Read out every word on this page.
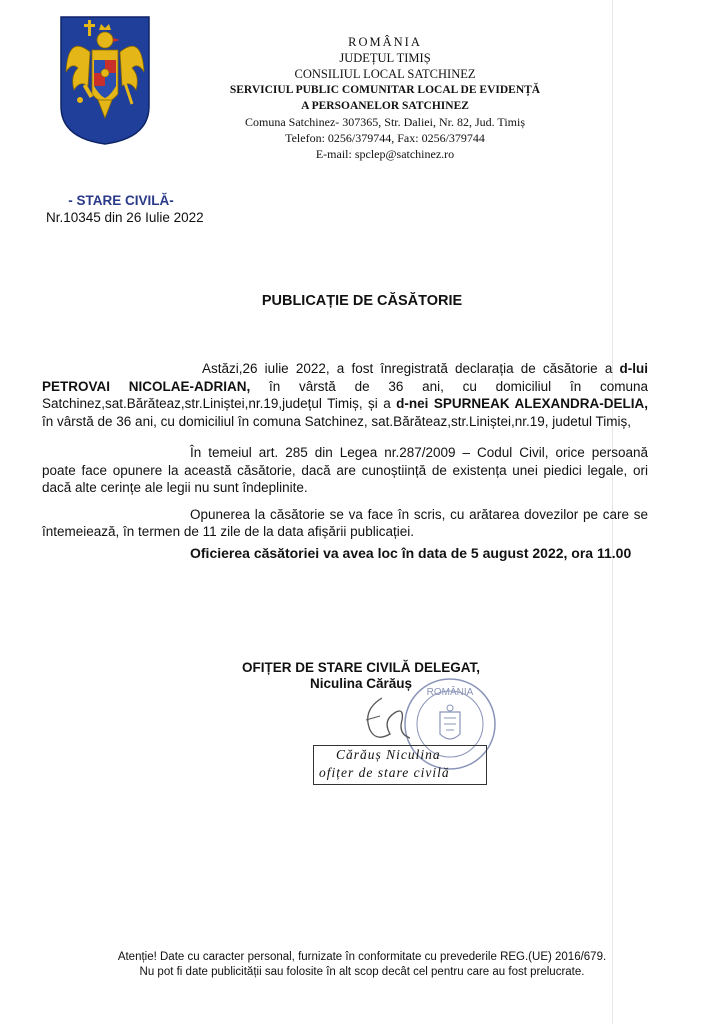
ROMÂNIA
JUDEȚUL TIMIȘ
CONSILIUL LOCAL SATCHINEZ
SERVICIUL PUBLIC COMUNITAR LOCAL DE EVIDENȚĂ
A PERSOANELOR SATCHINEZ
Comuna Satchinez- 307365, Str. Daliei, Nr. 82, Jud. Timiș
Telefon: 0256/379744, Fax: 0256/379744
E-mail: spclep@satchinez.ro
- STARE CIVILĂ-
Nr.10345 din 26 Iulie 2022
PUBLICAȚIE DE CĂSĂTORIE

Astăzi,26 iulie 2022, a fost înregistrată declarația de căsătorie a d-lui PETROVAI NICOLAE-ADRIAN, în vârstă de 36 ani, cu domiciliul în comuna Satchinez,sat.Bărăteaz,str.Liniștei,nr.19,județul Timiș, și a d-nei SPURNEAK ALEXANDRA-DELIA, în vârstă de 36 ani, cu domiciliul în comuna Satchinez, sat.Bărăteaz,str.Liniștei,nr.19, judetul Timiș,

În temeiul art. 285 din Legea nr.287/2009 – Codul Civil, orice persoană poate face opunere la această căsătorie, dacă are cunoștiință de existența unei piedici legale, ori dacă alte cerințe ale legii nu sunt îndeplinite.

Opunerea la căsătorie se va face în scris, cu arătarea dovezilor pe care se întemeiează, în termen de 11 zile de la data afișării publicației.

Oficierea căsătoriei va avea loc în data de 5 august 2022, ora 11.00

OFIȚER DE STARE CIVILĂ DELEGAT,
Niculina Cărăuș
ROMÂNIA
Cărăuș Niculina
ofițer de stare civilă
Atenție! Date cu caracter personal, furnizate în conformitate cu prevederile REG.(UE) 2016/679.
Nu pot fi date publicității sau folosite în alt scop decât cel pentru care au fost prelucrate.
